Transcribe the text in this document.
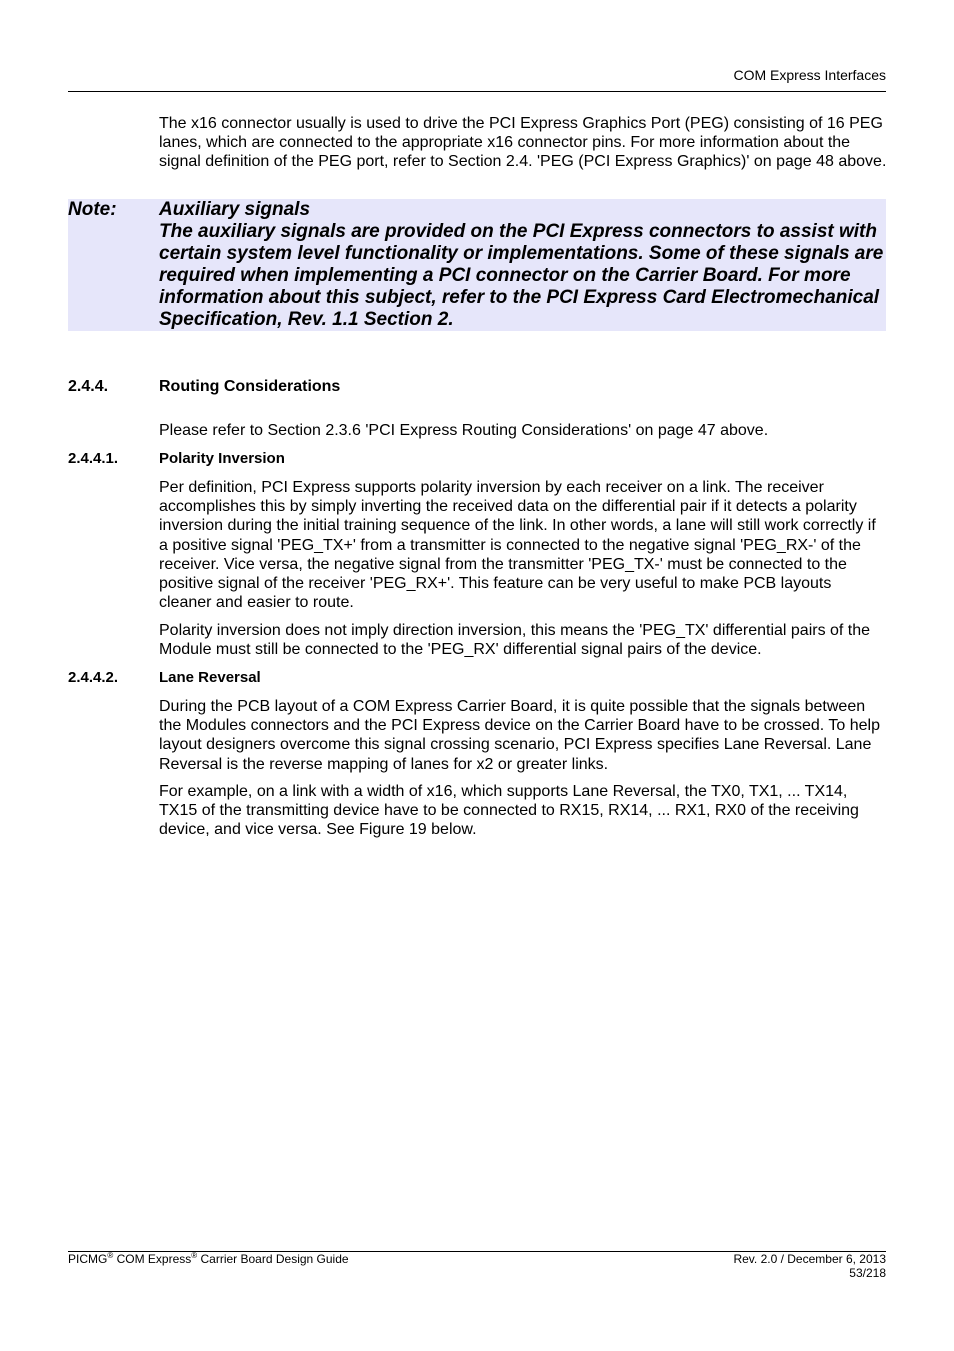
COM Express Interfaces

The x16 connector usually is used to drive the PCI Express Graphics Port (PEG) consisting of 16 PEG lanes, which are connected to the appropriate x16 connector pins. For more information about the signal definition of the PEG port, refer to Section 2.4. 'PEG (PCI Express Graphics)' on page 48 above.

Note: Auxiliary signals
The auxiliary signals are provided on the PCI Express connectors to assist with certain system level functionality or implementations. Some of these signals are required when implementing a PCI connector on the Carrier Board. For more information about this subject, refer to the PCI Express Card Electromechanical Specification, Rev. 1.1 Section 2.

2.4.4.	Routing Considerations

Please refer to Section 2.3.6 'PCI Express Routing Considerations' on page 47 above.

2.4.4.1.	Polarity Inversion

Per definition, PCI Express supports polarity inversion by each receiver on a link. The receiver accomplishes this by simply inverting the received data on the differential pair if it detects a polarity inversion during the initial training sequence of the link. In other words, a lane will still work correctly if a positive signal 'PEG_TX+' from a transmitter is connected to the negative signal 'PEG_RX-' of the receiver. Vice versa, the negative signal from the transmitter 'PEG_TX-' must be connected to the positive signal of the receiver 'PEG_RX+'. This feature can be very useful to make PCB layouts cleaner and easier to route.

Polarity inversion does not imply direction inversion, this means the 'PEG_TX' differential pairs of the Module must still be connected to the 'PEG_RX' differential signal pairs of the device.

2.4.4.2.	Lane Reversal

During the PCB layout of a COM Express Carrier Board, it is quite possible that the signals between the Modules connectors and the PCI Express device on the Carrier Board have to be crossed. To help layout designers overcome this signal crossing scenario, PCI Express specifies Lane Reversal. Lane Reversal is the reverse mapping of lanes for x2 or greater links.

For example, on a link with a width of x16, which supports Lane Reversal, the TX0, TX1, ... TX14, TX15 of the transmitting device have to be connected to RX15, RX14, ... RX1, RX0 of the receiving device, and vice versa. See Figure 19 below.

PICMG® COM Express® Carrier Board Design Guide	Rev. 2.0 / December 6, 2013
53/218
